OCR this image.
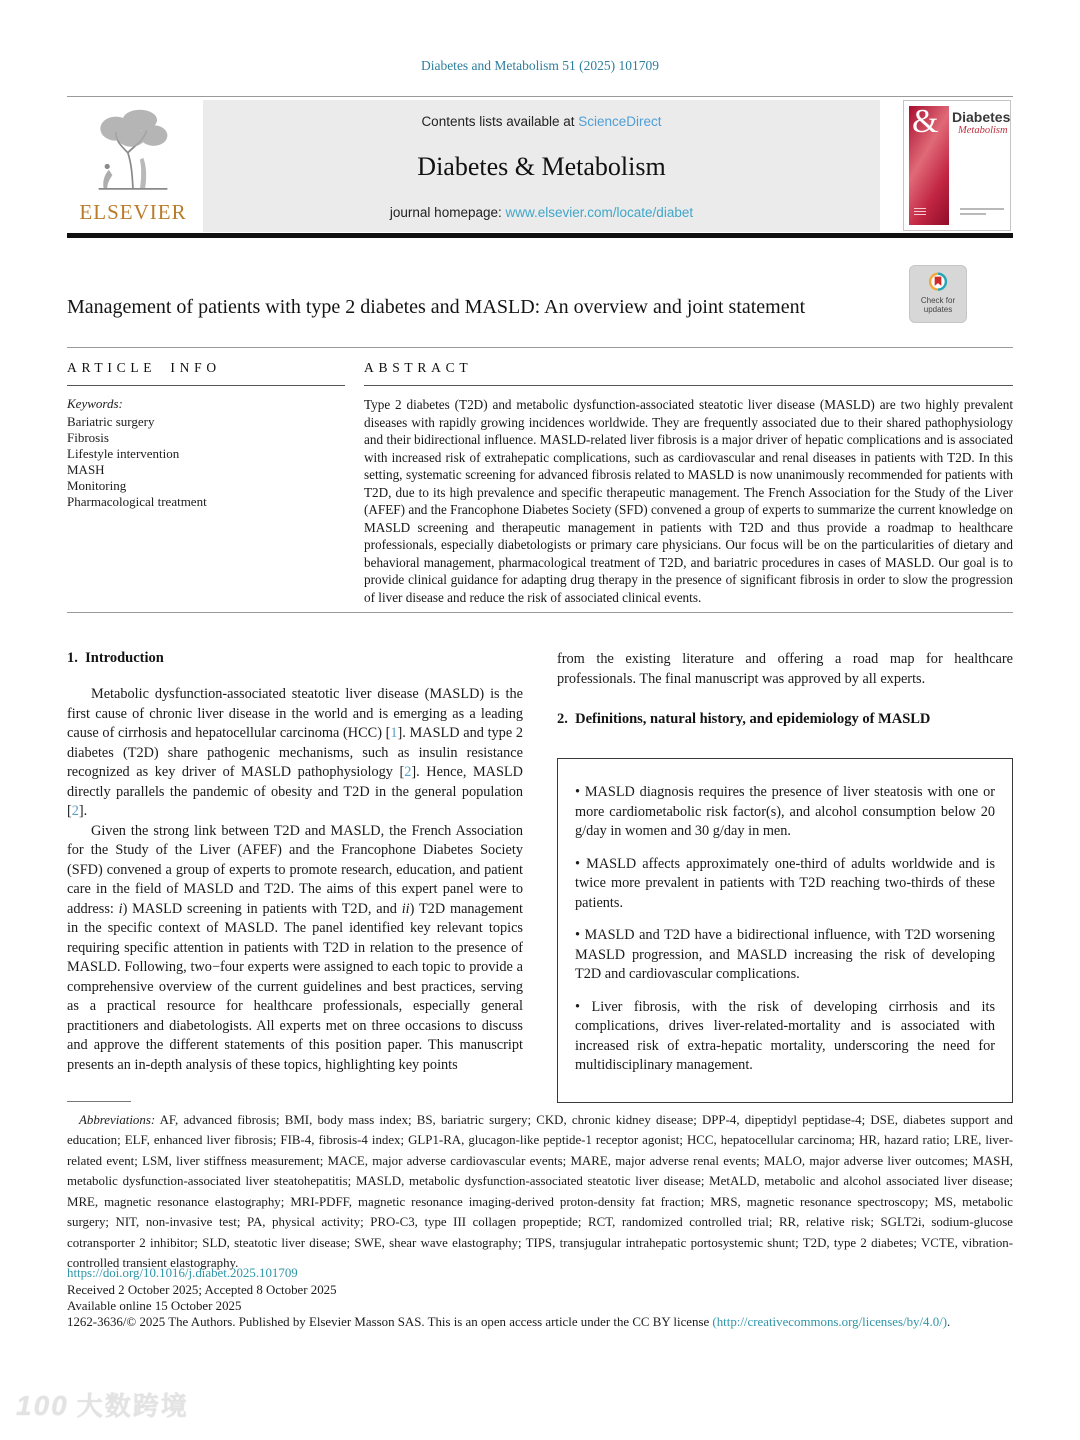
Diabetes and Metabolism 51 (2025) 101709
ELSEVIER
Contents lists available at ScienceDirect
Diabetes & Metabolism
journal homepage: www.elsevier.com/locate/diabet
& Diabetes
Metabolism
Management of patients with type 2 diabetes and MASLD: An overview and joint statement	Check for
updates
ARTICLE INFO
Keywords:
Bariatric surgery
Fibrosis
Lifestyle intervention
MASH
Monitoring
Pharmacological treatment
ABSTRACT

Type 2 diabetes (T2D) and metabolic dysfunction-associated steatotic liver disease (MASLD) are two highly prevalent diseases with rapidly growing incidences worldwide. They are frequently associated due to their shared pathophysiology and their bidirectional influence. MASLD-related liver fibrosis is a major driver of hepatic complications and is associated with increased risk of extrahepatic complications, such as cardiovascular and renal diseases in patients with T2D. In this setting, systematic screening for advanced fibrosis related to MASLD is now unanimously recommended for patients with T2D, due to its high prevalence and specific therapeutic management. The French Association for the Study of the Liver (AFEF) and the Francophone Diabetes Society (SFD) convened a group of experts to summarize the current knowledge on MASLD screening and therapeutic management in patients with T2D and thus provide a roadmap to healthcare professionals, especially diabetologists or primary care physicians. Our focus will be on the particularities of dietary and behavioral management, pharmacological treatment of T2D, and bariatric procedures in cases of MASLD. Our goal is to provide clinical guidance for adapting drug therapy in the presence of significant fibrosis in order to slow the progression of liver disease and reduce the risk of associated clinical events.

1.  Introduction

Metabolic dysfunction-associated steatotic liver disease (MASLD) is the first cause of chronic liver disease in the world and is emerging as a leading cause of cirrhosis and hepatocellular carcinoma (HCC) [1]. MASLD and type 2 diabetes (T2D) share pathogenic mechanisms, such as insulin resistance recognized as key driver of MASLD pathophysiology [2]. Hence, MASLD directly parallels the pandemic of obesity and T2D in the general population [2].

Given the strong link between T2D and MASLD, the French Association for the Study of the Liver (AFEF) and the Francophone Diabetes Society (SFD) convened a group of experts to promote research, education, and patient care in the field of MASLD and T2D. The aims of this expert panel were to address: i) MASLD screening in patients with T2D, and ii) T2D management in the specific context of MASLD. The panel identified key relevant topics requiring specific attention in patients with T2D in relation to the presence of MASLD. Following, two−four experts were assigned to each topic to provide a comprehensive overview of the current guidelines and best practices, serving as a practical resource for healthcare professionals, especially general practitioners and diabetologists. All experts met on three occasions to discuss and approve the different statements of this position paper. This manuscript presents an in-depth analysis of these topics, highlighting key points

from the existing literature and offering a road map for healthcare professionals. The final manuscript was approved by all experts.

2.  Definitions, natural history, and epidemiology of MASLD

• MASLD diagnosis requires the presence of liver steatosis with one or more cardiometabolic risk factor(s), and alcohol consumption below 20 g/day in women and 30 g/day in men.

• MASLD affects approximately one-third of adults worldwide and is twice more prevalent in patients with T2D reaching two-thirds of these patients.

• MASLD and T2D have a bidirectional influence, with T2D worsening MASLD progression, and MASLD increasing the risk of developing T2D and cardiovascular complications.

• Liver fibrosis, with the risk of developing cirrhosis and its complications, drives liver-related-mortality and is associated with increased risk of extra-hepatic mortality, underscoring the need for multidisciplinary management.

Abbreviations: AF, advanced fibrosis; BMI, body mass index; BS, bariatric surgery; CKD, chronic kidney disease; DPP-4, dipeptidyl peptidase-4; DSE, diabetes support and education; ELF, enhanced liver fibrosis; FIB-4, fibrosis-4 index; GLP1-RA, glucagon-like peptide-1 receptor agonist; HCC, hepatocellular carcinoma; HR, hazard ratio; LRE, liver-related event; LSM, liver stiffness measurement; MACE, major adverse cardiovascular events; MARE, major adverse renal events; MALO, major adverse liver outcomes; MASH, metabolic dysfunction-associated liver steatohepatitis; MASLD, metabolic dysfunction-associated steatotic liver disease; MetALD, metabolic and alcohol associated liver disease; MRE, magnetic resonance elastography; MRI-PDFF, magnetic resonance imaging-derived proton-density fat fraction; MRS, magnetic resonance spectroscopy; MS, metabolic surgery; NIT, non-invasive test; PA, physical activity; PRO-C3, type III collagen propeptide; RCT, randomized controlled trial; RR, relative risk; SGLT2i, sodium-glucose cotransporter 2 inhibitor; SLD, steatotic liver disease; SWE, shear wave elastography; TIPS, transjugular intrahepatic portosystemic shunt; T2D, type 2 diabetes; VCTE, vibration-controlled transient elastography.

https://doi.org/10.1016/j.diabet.2025.101709
Received 2 October 2025; Accepted 8 October 2025
Available online 15 October 2025

1262-3636/© 2025 The Authors. Published by Elsevier Masson SAS. This is an open access article under the CC BY license (http://creativecommons.org/licenses/by/4.0/).

100 大数跨境
